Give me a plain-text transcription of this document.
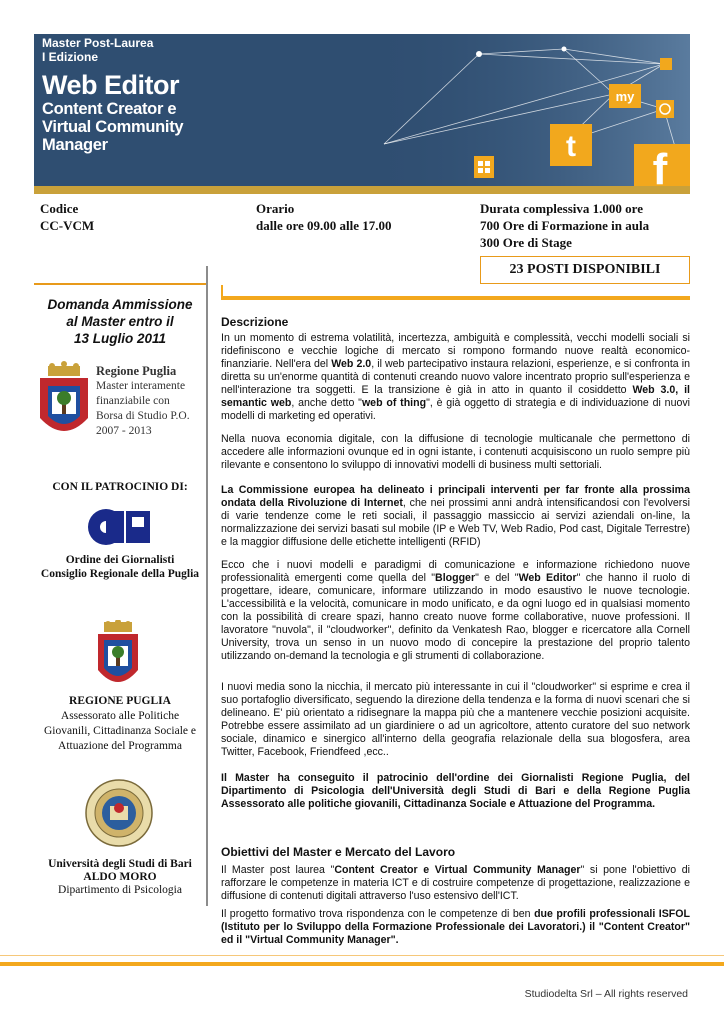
Master Post-Laurea
I Edizione
Web Editor
Content Creator e
Virtual Community
Manager
my
t f
Codice
CC-VCM
Orario
dalle ore 09.00 alle 17.00
Durata complessiva 1.000 ore
700 Ore di Formazione in aula
300 Ore di Stage
23 POSTI DISPONIBILI
Domanda Ammissione
al Master entro il
13 Luglio 2011
Regione Puglia
Master interamente
finanziabile con
Borsa di Studio P.O.
2007 - 2013
CON IL PATROCINIO DI:
Ordine dei Giornalisti
Consiglio Regionale della Puglia
REGIONE PUGLIA
Assessorato alle Politiche
Giovanili, Cittadinanza Sociale e
Attuazione del Programma
Università degli Studi di Bari
ALDO MORO
Dipartimento di Psicologia
Descrizione
In un momento di estrema volatilità, incertezza, ambiguità e complessità, vecchi modelli sociali si ridefiniscono e vecchie logiche di mercato si rompono formando nuove realtà economico-finanziarie. Nell'era del Web 2.0, il web partecipativo instaura relazioni, esperienze, e si confronta in diretta su un'enorme quantità di contenuti creando nuovo valore incentrato proprio sull'esperienza e nell'interazione tra soggetti. E la transizione è già in atto in quanto il cosiddetto Web 3.0, il semantic web, anche detto "web of thing", è già oggetto di strategia e di individuazione di nuovi modelli di marketing ed operativi.
Nella nuova economia digitale, con la diffusione di tecnologie multicanale che permettono di accedere alle informazioni ovunque ed in ogni istante, i contenuti acquisiscono un ruolo sempre più rilevante e consentono lo sviluppo di innovativi modelli di business multi settoriali.
La Commissione europea ha delineato i principali interventi per far fronte alla prossima ondata della Rivoluzione di Internet, che nei prossimi anni andrà intensificandosi con l'evolversi di varie tendenze come le reti sociali, il passaggio massiccio ai servizi aziendali on-line, la normalizzazione dei servizi basati sul mobile (IP e Web TV, Web Radio, Pod cast, Digitale Terrestre) e la maggior diffusione delle etichette intelligenti (RFID)
Ecco che i nuovi modelli e paradigmi di comunicazione e informazione richiedono nuove professionalità emergenti come quella del "Blogger" e del "Web Editor" che hanno il ruolo di progettare, ideare, comunicare, informare utilizzando in modo esaustivo le nuove tecnologie. L'accessibilità e la velocità, comunicare in modo unificato, e da ogni luogo ed in qualsiasi momento con la possibilità di creare spazi, hanno creato nuove forme collaborative, nuove professioni. Il lavoratore "nuvola", il "cloudworker", definito da Venkatesh Rao, blogger e ricercatore alla Cornell University, trova un senso in un nuovo modo di concepire la prestazione del proprio talento utilizzando on-demand la tecnologia e gli strumenti di collaborazione.
I nuovi media sono la nicchia, il mercato più interessante in cui il "cloudworker" si esprime e crea il suo portafoglio diversificato, seguendo la direzione della tendenza e la forma di nuovi scenari che si delineano. E' più orientato a ridisegnare la mappa più che a mantenere vecchie posizioni acquisite. Potrebbe essere assimilato ad un giardiniere o ad un agricoltore, attento curatore del suo network sociale, dinamico e sinergico all'interno della geografia relazionale della sua blogosfera, area Twitter, Facebook, Friendfeed ,ecc..
Il Master ha conseguito il patrocinio dell'ordine dei Giornalisti Regione Puglia, del Dipartimento di Psicologia dell'Università degli Studi di Bari e della Regione Puglia Assessorato alle politiche giovanili, Cittadinanza Sociale e Attuazione del Programma.
Obiettivi del Master e Mercato del Lavoro
Il Master post laurea "Content Creator e Virtual Community Manager" si pone l'obiettivo di rafforzare le competenze in materia ICT e di costruire competenze di progettazione, realizzazione e diffusione di contenuti digitali attraverso l'uso estensivo dell'ICT.
Il progetto formativo trova rispondenza con le competenze di ben due profili professionali ISFOL (Istituto per lo Sviluppo della Formazione Professionale dei Lavoratori.) il "Content Creator" ed il "Virtual Community Manager".
Studiodelta Srl – All rights reserved
